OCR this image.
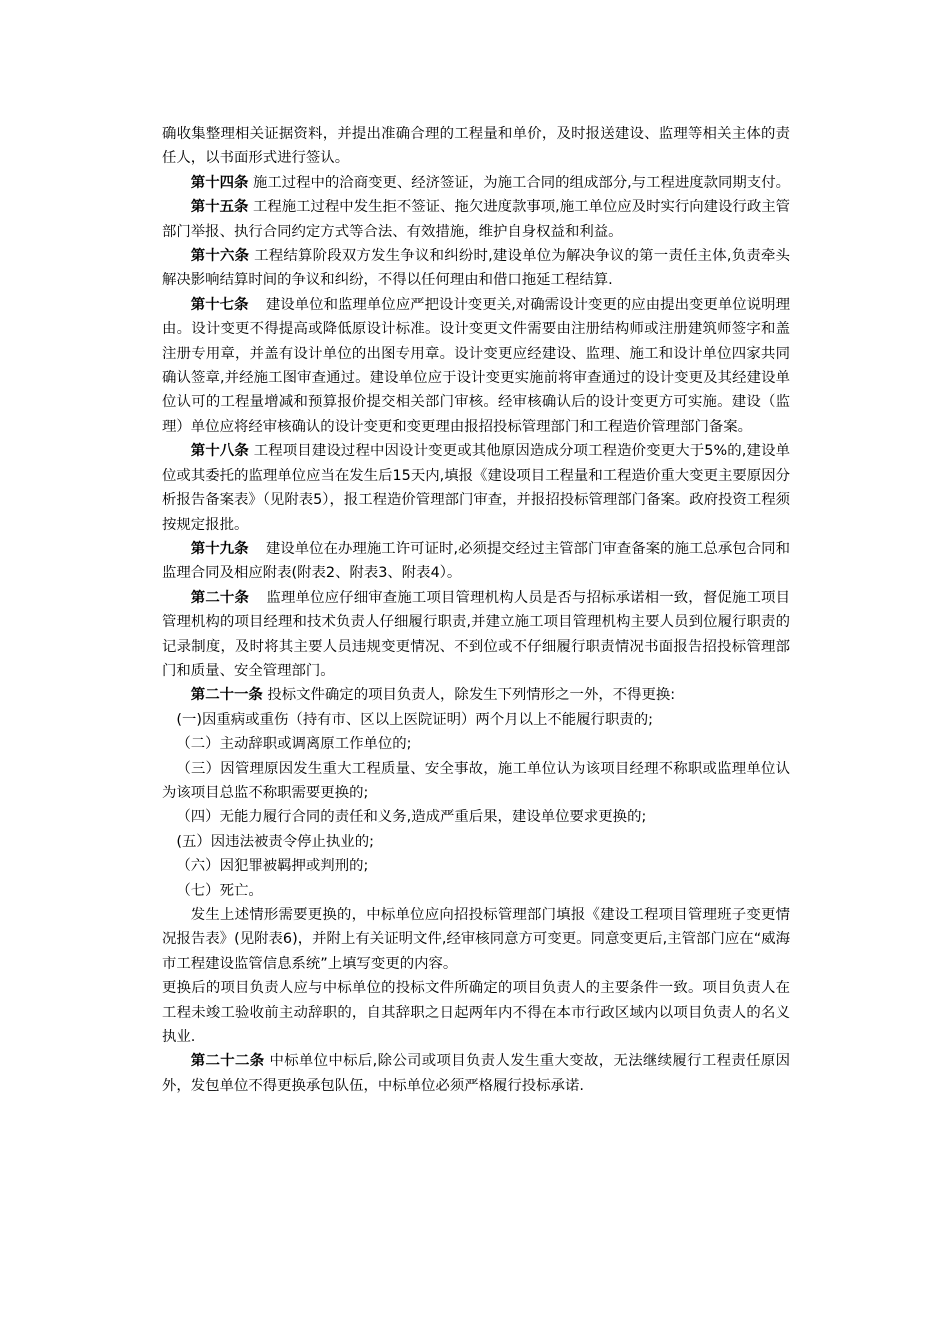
确收集整理相关证据资料，并提出准确合理的工程量和单价，及时报送建设、监理等相关主体的责任人，以书面形式进行签认。

第十四条 施工过程中的洽商变更、经济签证，为施工合同的组成部分,与工程进度款同期支付。

第十五条 工程施工过程中发生拒不签证、拖欠进度款事项,施工单位应及时实行向建设行政主管部门举报、执行合同约定方式等合法、有效措施，维护自身权益和利益。

第十六条 工程结算阶段双方发生争议和纠纷时,建设单位为解决争议的第一责任主体,负责牵头解决影响结算时间的争议和纠纷，不得以任何理由和借口拖延工程结算.

第十七条 建设单位和监理单位应严把设计变更关,对确需设计变更的应由提出变更单位说明理由。设计变更不得提高或降低原设计标准。设计变更文件需要由注册结构师或注册建筑师签字和盖注册专用章，并盖有设计单位的出图专用章。设计变更应经建设、监理、施工和设计单位四家共同确认签章,并经施工图审查通过。建设单位应于设计变更实施前将审查通过的设计变更及其经建设单位认可的工程量增减和预算报价提交相关部门审核。经审核确认后的设计变更方可实施。建设（监理）单位应将经审核确认的设计变更和变更理由报招投标管理部门和工程造价管理部门备案。

第十八条 工程项目建设过程中因设计变更或其他原因造成分项工程造价变更大于5%的,建设单位或其委托的监理单位应当在发生后15天内,填报《建设项目工程量和工程造价重大变更主要原因分析报告备案表》（见附表5），报工程造价管理部门审查，并报招投标管理部门备案。政府投资工程须按规定报批。

第十九条 建设单位在办理施工许可证时,必须提交经过主管部门审查备案的施工总承包合同和监理合同及相应附表(附表2、附表3、附表4）。

第二十条 监理单位应仔细审查施工项目管理机构人员是否与招标承诺相一致，督促施工项目管理机构的项目经理和技术负责人仔细履行职责,并建立施工项目管理机构主要人员到位履行职责的记录制度，及时将其主要人员违规变更情况、不到位或不仔细履行职责情况书面报告招投标管理部门和质量、安全管理部门。

第二十一条 投标文件确定的项目负责人，除发生下列情形之一外，不得更换:

(一)因重病或重伤（持有市、区以上医院证明）两个月以上不能履行职责的;

（二）主动辞职或调离原工作单位的;

（三）因管理原因发生重大工程质量、安全事故，施工单位认为该项目经理不称职或监理单位认为该项目总监不称职需要更换的;

（四）无能力履行合同的责任和义务,造成严重后果，建设单位要求更换的;

(五）因违法被责令停止执业的;

（六）因犯罪被羁押或判刑的;

（七）死亡。

发生上述情形需要更换的，中标单位应向招投标管理部门填报《建设工程项目管理班子变更情况报告表》(见附表6)，并附上有关证明文件,经审核同意方可变更。同意变更后,主管部门应在“威海市工程建设监管信息系统”上填写变更的内容。

更换后的项目负责人应与中标单位的投标文件所确定的项目负责人的主要条件一致。项目负责人在工程未竣工验收前主动辞职的，自其辞职之日起两年内不得在本市行政区域内以项目负责人的名义执业.

第二十二条 中标单位中标后,除公司或项目负责人发生重大变故，无法继续履行工程责任原因外，发包单位不得更换承包队伍，中标单位必须严格履行投标承诺.
